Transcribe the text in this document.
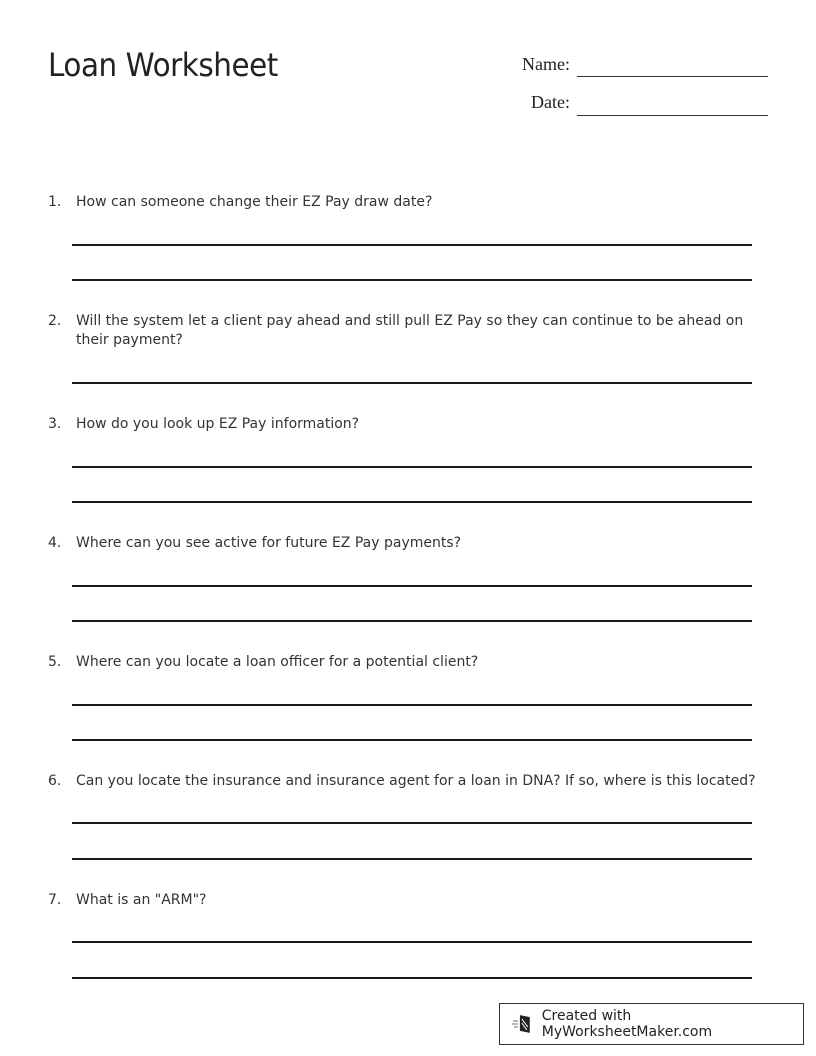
Loan Worksheet	Name:
Date:
1. How can someone change their EZ Pay draw date?
2. Will the system let a client pay ahead and still pull EZ Pay so they can continue to be ahead on their payment?
3. How do you look up EZ Pay information?
4. Where can you see active for future EZ Pay payments?
5. Where can you locate a loan officer for a potential client?
6. Can you locate the insurance and insurance agent for a loan in DNA? If so, where is this located?
7. What is an "ARM"?
Created with MyWorksheetMaker.com
